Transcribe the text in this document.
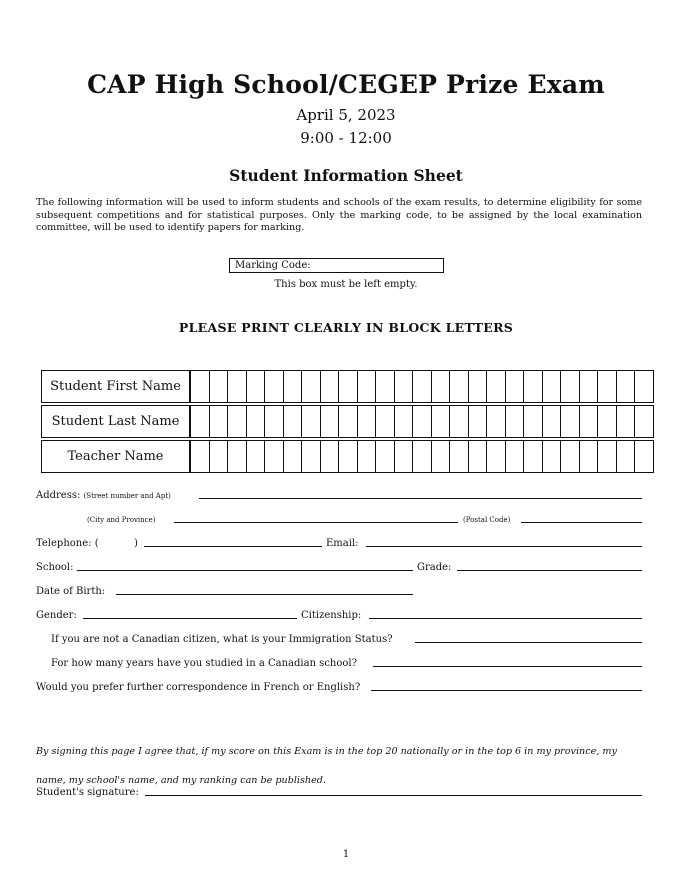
CAP High School/CEGEP Prize Exam
April 5, 2023
9:00 - 12:00
Student Information Sheet
The following information will be used to inform students and schools of the exam results, to determine eligibility for some subsequent competitions and for statistical purposes. Only the marking code, to be assigned by the local examination committee, will be used to identify papers for marking.
Marking Code:
This box must be left empty.
PLEASE PRINT CLEARLY IN BLOCK LETTERS
Student First Name
Student Last Name
Teacher Name
Address: (Street number and Apt)
(City and Province)	(Postal Code)
Telephone: (	)	Email:
School:	Grade:
Date of Birth:
Gender:	Citizenship:
If you are not a Canadian citizen, what is your Immigration Status?
For how many years have you studied in a Canadian school?
Would you prefer further correspondence in French or English?
By signing this page I agree that, if my score on this Exam is in the top 20 nationally or in the top 6 in my province, my name, my school's name, and my ranking can be published.
Student's signature:
1
